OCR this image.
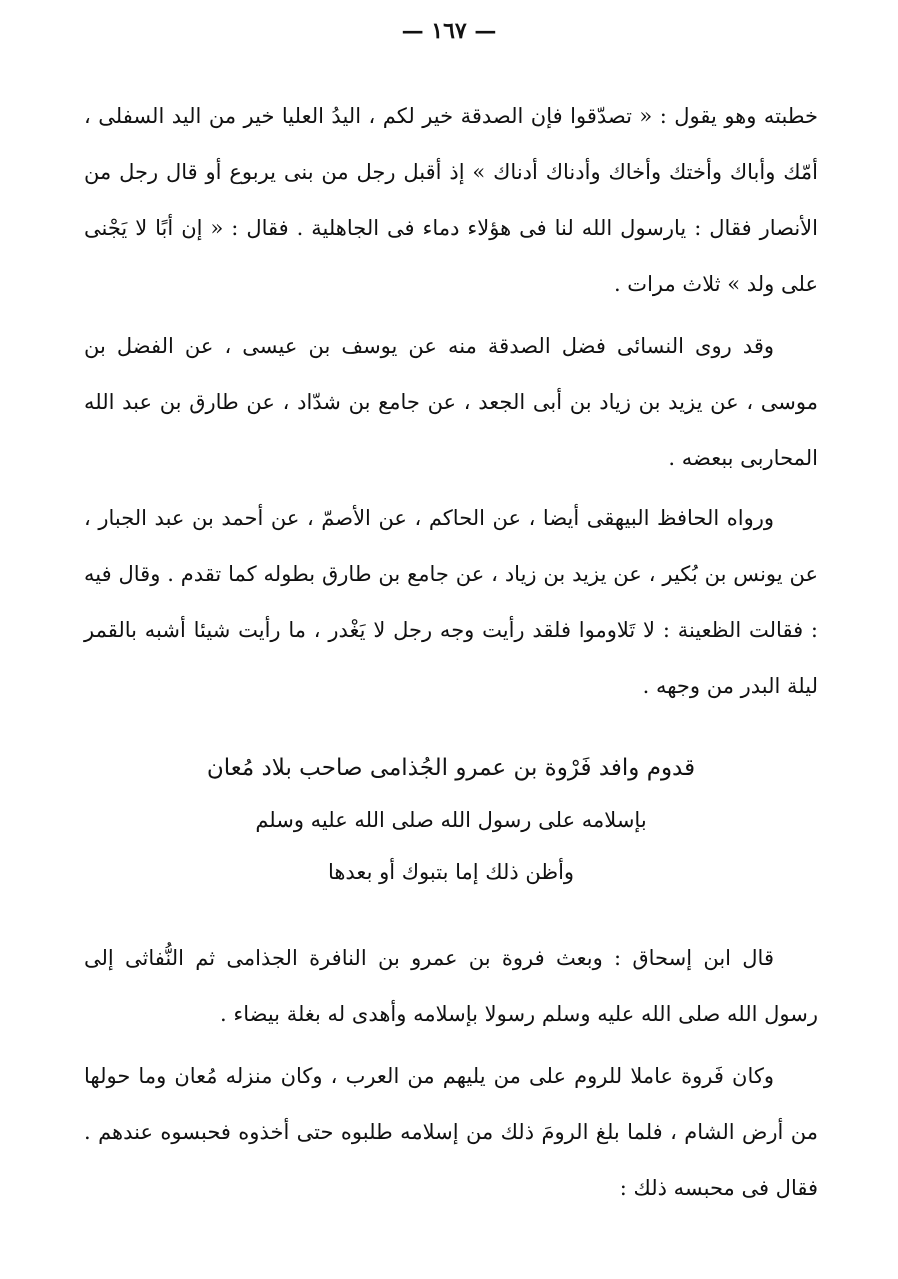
— ١٦٧ —

خطبته وهو يقول : « تصدّقوا فإن الصدقة خير لكم ، اليدُ العليا خير من اليد السفلى ، أمّك وأباك وأختك وأخاك وأدناك أدناك » إذ أقبل رجل من بنى يربوع أو قال رجل من الأنصار فقال : يارسول الله لنا فى هؤلاء دماء فى الجاهلية . فقال : « إن أبًا لا يَجْنى على ولد » ثلاث مرات .

وقد روى النسائى فضل الصدقة منه عن يوسف بن عيسى ، عن الفضل بن موسى ، عن يزيد بن زياد بن أبى الجعد ، عن جامع بن شدّاد ، عن طارق بن عبد الله المحاربى ببعضه .

ورواه الحافظ البيهقى أيضا ، عن الحاكم ، عن الأصمّ ، عن أحمد بن عبد الجبار ، عن يونس بن بُكير ، عن يزيد بن زياد ، عن جامع بن طارق بطوله كما تقدم . وقال فيه : فقالت الظعينة : لا تَلاوموا فلقد رأيت وجه رجل لا يَغْدر ، ما رأيت شيئا أشبه بالقمر ليلة البدر من وجهه .

قدوم وافد فَرْوة بن عمرو الجُذامى صاحب بلاد مُعان

بإسلامه على رسول الله صلى الله عليه وسلم

وأظن ذلك إما بتبوك أو بعدها

قال ابن إسحاق : وبعث فروة بن عمرو بن النافرة الجذامى ثم النُّفاثى إلى رسول الله صلى الله عليه وسلم رسولا بإسلامه وأهدى له بغلة بيضاء .

وكان فَروة عاملا للروم على من يليهم من العرب ، وكان منزله مُعان وما حولها من أرض الشام ، فلما بلغ الرومَ ذلك من إسلامه طلبوه حتى أخذوه فحبسوه عندهم . فقال فى محبسه ذلك :
